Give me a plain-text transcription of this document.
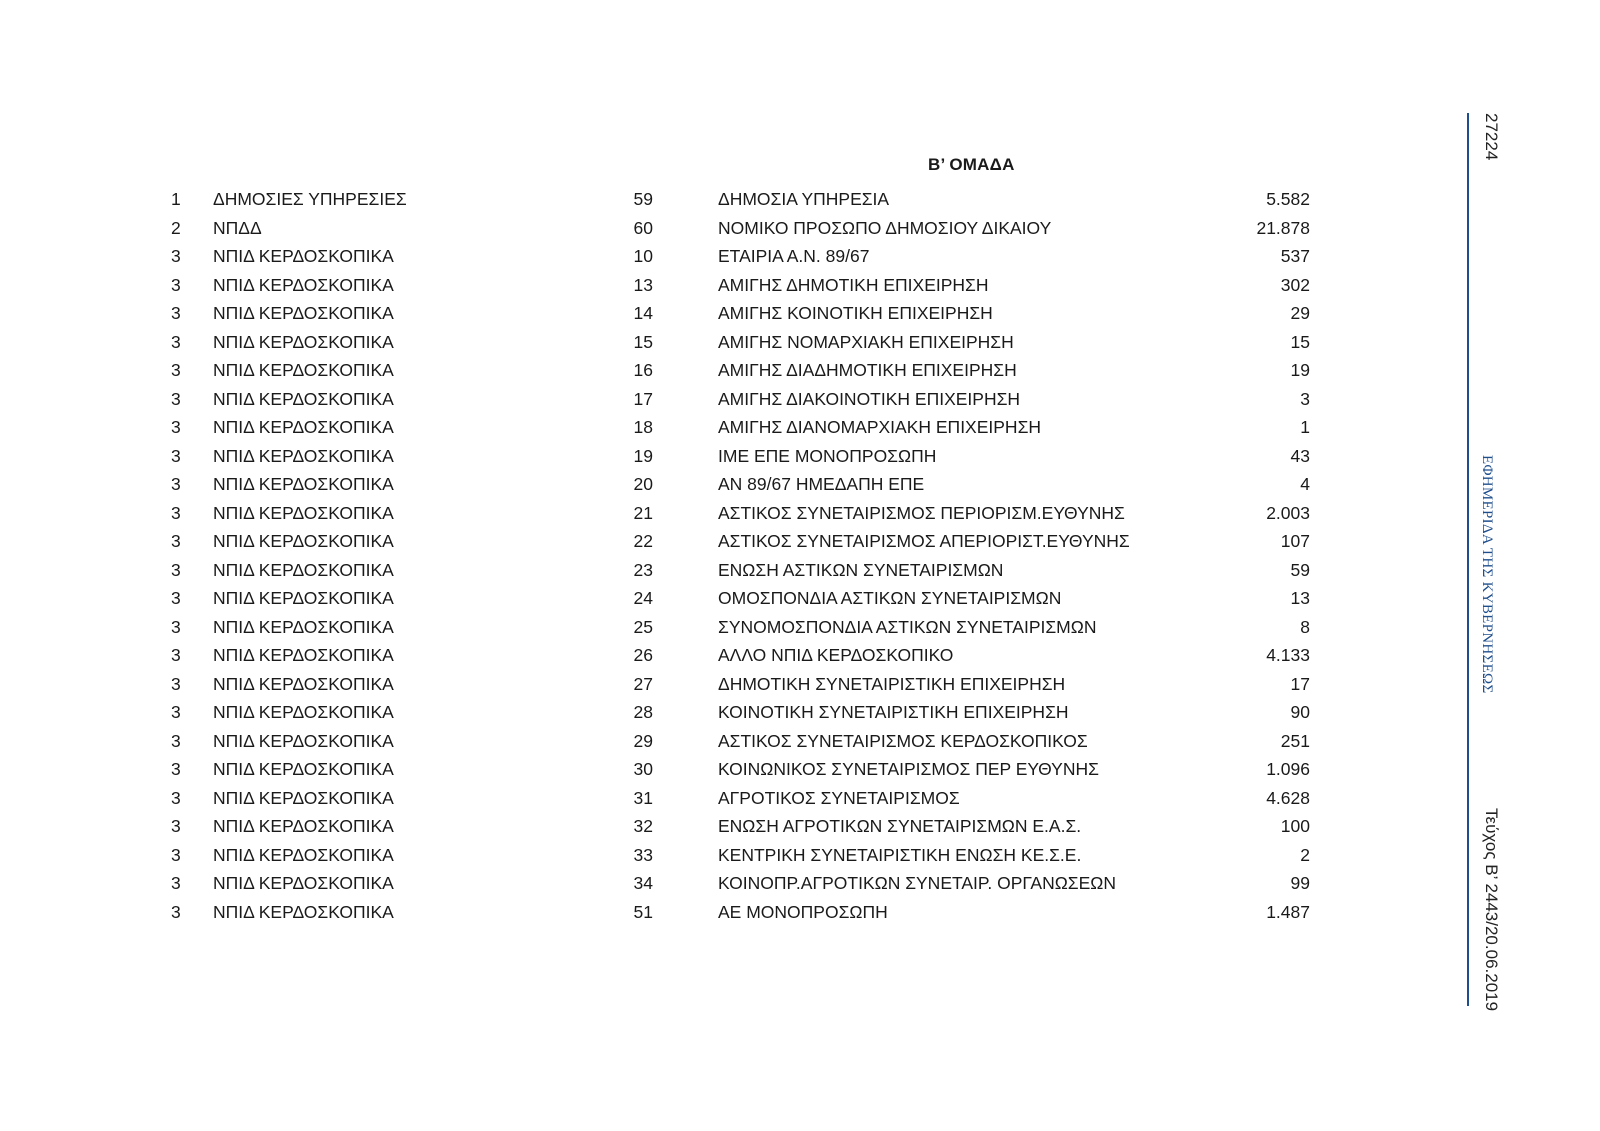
Β’ ΟΜΑΔΑ
1 ΔΗΜΟΣΙΕΣ ΥΠΗΡΕΣΙΕΣ	59	ΔΗΜΟΣΙΑ ΥΠΗΡΕΣΙΑ	5.582
2 ΝΠΔΔ	60	ΝΟΜΙΚΟ ΠΡΟΣΩΠΟ ΔΗΜΟΣΙΟΥ ΔΙΚΑΙΟΥ	21.878
3 ΝΠΙΔ ΚΕΡΔΟΣΚΟΠΙΚΑ	10	ΕΤΑΙΡΙΑ Α.Ν. 89/67	537
3 ΝΠΙΔ ΚΕΡΔΟΣΚΟΠΙΚΑ	13	ΑΜΙΓΗΣ ΔΗΜΟΤΙΚΗ ΕΠΙΧΕΙΡΗΣΗ	302
3 ΝΠΙΔ ΚΕΡΔΟΣΚΟΠΙΚΑ	14	ΑΜΙΓΗΣ ΚΟΙΝΟΤΙΚΗ ΕΠΙΧΕΙΡΗΣΗ	29
3 ΝΠΙΔ ΚΕΡΔΟΣΚΟΠΙΚΑ	15	ΑΜΙΓΗΣ ΝΟΜΑΡΧΙΑΚΗ ΕΠΙΧΕΙΡΗΣΗ	15
3 ΝΠΙΔ ΚΕΡΔΟΣΚΟΠΙΚΑ	16	ΑΜΙΓΗΣ ΔΙΑΔΗΜΟΤΙΚΗ ΕΠΙΧΕΙΡΗΣΗ	19
3 ΝΠΙΔ ΚΕΡΔΟΣΚΟΠΙΚΑ	17	ΑΜΙΓΗΣ ΔΙΑΚΟΙΝΟΤΙΚΗ ΕΠΙΧΕΙΡΗΣΗ	3
3 ΝΠΙΔ ΚΕΡΔΟΣΚΟΠΙΚΑ	18	ΑΜΙΓΗΣ ΔΙΑΝΟΜΑΡΧΙΑΚΗ ΕΠΙΧΕΙΡΗΣΗ	1
3 ΝΠΙΔ ΚΕΡΔΟΣΚΟΠΙΚΑ	19	ΙΜΕ ΕΠΕ ΜΟΝΟΠΡΟΣΩΠΗ	43
3 ΝΠΙΔ ΚΕΡΔΟΣΚΟΠΙΚΑ	20	ΑΝ 89/67 ΗΜΕΔΑΠΗ ΕΠΕ	4
3 ΝΠΙΔ ΚΕΡΔΟΣΚΟΠΙΚΑ	21	ΑΣΤΙΚΟΣ ΣΥΝΕΤΑΙΡΙΣΜΟΣ ΠΕΡΙΟΡΙΣΜ.ΕΥΘΥΝΗΣ	2.003
3 ΝΠΙΔ ΚΕΡΔΟΣΚΟΠΙΚΑ	22	ΑΣΤΙΚΟΣ ΣΥΝΕΤΑΙΡΙΣΜΟΣ ΑΠΕΡΙΟΡΙΣΤ.ΕΥΘΥΝΗΣ	107
3 ΝΠΙΔ ΚΕΡΔΟΣΚΟΠΙΚΑ	23	ΕΝΩΣΗ ΑΣΤΙΚΩΝ ΣΥΝΕΤΑΙΡΙΣΜΩΝ	59
3 ΝΠΙΔ ΚΕΡΔΟΣΚΟΠΙΚΑ	24	ΟΜΟΣΠΟΝΔΙΑ ΑΣΤΙΚΩΝ ΣΥΝΕΤΑΙΡΙΣΜΩΝ	13
3 ΝΠΙΔ ΚΕΡΔΟΣΚΟΠΙΚΑ	25	ΣΥΝΟΜΟΣΠΟΝΔΙΑ ΑΣΤΙΚΩΝ ΣΥΝΕΤΑΙΡΙΣΜΩΝ	8
3 ΝΠΙΔ ΚΕΡΔΟΣΚΟΠΙΚΑ	26	ΑΛΛΟ ΝΠΙΔ ΚΕΡΔΟΣΚΟΠΙΚΟ	4.133
3 ΝΠΙΔ ΚΕΡΔΟΣΚΟΠΙΚΑ	27	ΔΗΜΟΤΙΚΗ ΣΥΝΕΤΑΙΡΙΣΤΙΚΗ ΕΠΙΧΕΙΡΗΣΗ	17
3 ΝΠΙΔ ΚΕΡΔΟΣΚΟΠΙΚΑ	28	ΚΟΙΝΟΤΙΚΗ ΣΥΝΕΤΑΙΡΙΣΤΙΚΗ ΕΠΙΧΕΙΡΗΣΗ	90
3 ΝΠΙΔ ΚΕΡΔΟΣΚΟΠΙΚΑ	29	ΑΣΤΙΚΟΣ ΣΥΝΕΤΑΙΡΙΣΜΟΣ ΚΕΡΔΟΣΚΟΠΙΚΟΣ	251
3 ΝΠΙΔ ΚΕΡΔΟΣΚΟΠΙΚΑ	30	ΚΟΙΝΩΝΙΚΟΣ ΣΥΝΕΤΑΙΡΙΣΜΟΣ ΠΕΡ ΕΥΘΥΝΗΣ	1.096
3 ΝΠΙΔ ΚΕΡΔΟΣΚΟΠΙΚΑ	31	ΑΓΡΟΤΙΚΟΣ ΣΥΝΕΤΑΙΡΙΣΜΟΣ	4.628
3 ΝΠΙΔ ΚΕΡΔΟΣΚΟΠΙΚΑ	32	ΕΝΩΣΗ ΑΓΡΟΤΙΚΩΝ ΣΥΝΕΤΑΙΡΙΣΜΩΝ Ε.Α.Σ.	100
3 ΝΠΙΔ ΚΕΡΔΟΣΚΟΠΙΚΑ	33	ΚΕΝΤΡΙΚΗ ΣΥΝΕΤΑΙΡΙΣΤΙΚΗ ΕΝΩΣΗ ΚΕ.Σ.Ε.	2
3 ΝΠΙΔ ΚΕΡΔΟΣΚΟΠΙΚΑ	34	ΚΟΙΝΟΠΡ.ΑΓΡΟΤΙΚΩΝ ΣΥΝΕΤΑΙΡ. ΟΡΓΑΝΩΣΕΩΝ	99
3 ΝΠΙΔ ΚΕΡΔΟΣΚΟΠΙΚΑ	51	ΑΕ ΜΟΝΟΠΡΟΣΩΠΗ	1.487
27224
ΕΦΗΜΕΡΙΔΑ ΤΗΣ ΚΥΒΕΡΝΗΣΕΩΣ
Τεύχος Β’ 2443/20.06.2019
